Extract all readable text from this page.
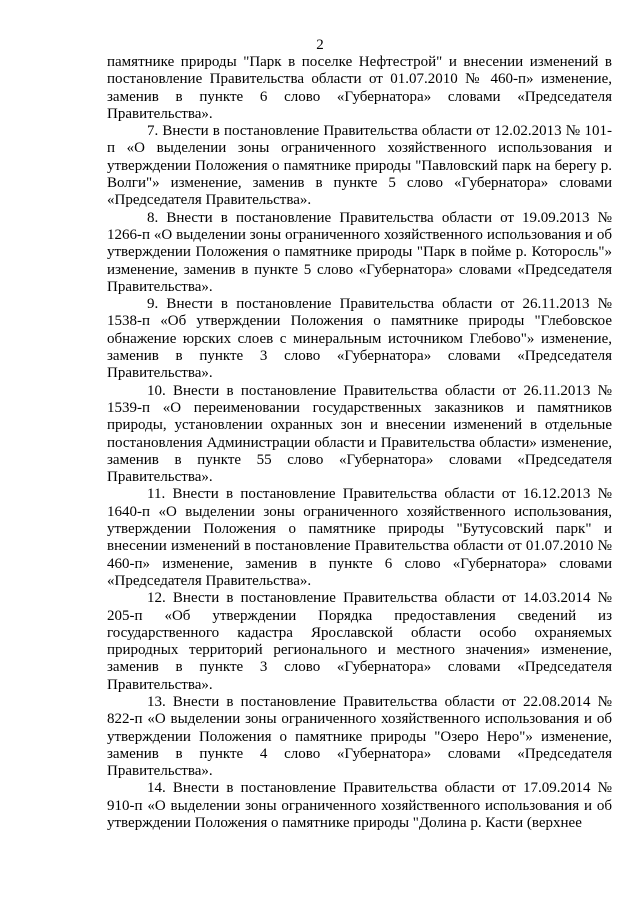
2

памятнике природы "Парк в поселке Нефтестрой" и внесении изменений в постановление Правительства области от 01.07.2010 № 460-п» изменение, заменив в пункте 6 слово «Губернатора» словами «Председателя Правительства».

7. Внести в постановление Правительства области от 12.02.2013 № 101-п «О выделении зоны ограниченного хозяйственного использования и утверждении Положения о памятнике природы "Павловский парк на берегу р. Волги"» изменение, заменив в пункте 5 слово «Губернатора» словами «Председателя Правительства».

8. Внести в постановление Правительства области от 19.09.2013 № 1266-п «О выделении зоны ограниченного хозяйственного использования и об утверждении Положения о памятнике природы "Парк в пойме р. Которосль"» изменение, заменив в пункте 5 слово «Губернатора» словами «Председателя Правительства».

9. Внести в постановление Правительства области от 26.11.2013 № 1538-п «Об утверждении Положения о памятнике природы "Глебовское обнажение юрских слоев с минеральным источником Глебово"» изменение, заменив в пункте 3 слово «Губернатора» словами «Председателя Правительства».

10. Внести в постановление Правительства области от 26.11.2013 № 1539-п «О переименовании государственных заказников и памятников природы, установлении охранных зон и внесении изменений в отдельные постановления Администрации области и Правительства области» изменение, заменив в пункте 55 слово «Губернатора» словами «Председателя Правительства».

11. Внести в постановление Правительства области от 16.12.2013 № 1640-п «О выделении зоны ограниченного хозяйственного использования, утверждении Положения о памятнике природы "Бутусовский парк" и внесении изменений в постановление Правительства области от 01.07.2010 № 460-п» изменение, заменив в пункте 6 слово «Губернатора» словами «Председателя Правительства».

12. Внести в постановление Правительства области от 14.03.2014 № 205-п «Об утверждении Порядка предоставления сведений из государственного кадастра Ярославской области особо охраняемых природных территорий регионального и местного значения» изменение, заменив в пункте 3 слово «Губернатора» словами «Председателя Правительства».

13. Внести в постановление Правительства области от 22.08.2014 № 822-п «О выделении зоны ограниченного хозяйственного использования и об утверждении Положения о памятнике природы "Озеро Неро"» изменение, заменив в пункте 4 слово «Губернатора» словами «Председателя Правительства».

14. Внести в постановление Правительства области от 17.09.2014 № 910-п «О выделении зоны ограниченного хозяйственного использования и об утверждении Положения о памятнике природы "Долина р. Касти (верхнее
